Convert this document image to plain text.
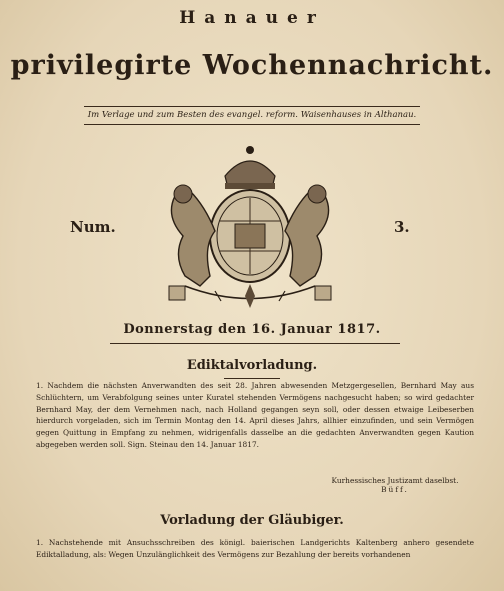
Hanauer
privilegirte Wochennachricht.
Im Verlage und zum Besten des evangel. reform. Waisenhauses in Althanau.
Num.	3.
Donnerstag den 16. Januar 1817.
Ediktalvorladung.

1. Nachdem die nächsten Anverwandten des seit 28. Jahren abwesenden Metzgergesellen, Bernhard May aus Schlüchtern, um Verabfolgung seines unter Kuratel stehenden Vermögens nachgesucht haben; so wird gedachter Bernhard May, der dem Vernehmen nach, nach Holland gegangen seyn soll, oder dessen etwaige Leibeserben hierdurch vorgeladen, sich im Termin Montag den 14. April dieses Jahrs, allhier einzufinden, und sein Vermögen gegen Quittung in Empfang zu nehmen, widrigenfalls dasselbe an die gedachten Anverwandten gegen Kaution abgegeben werden soll. Sign. Steinau den 14. Januar 1817.

Kurhessisches Justizamt daselbst.
Büff.
Vorladung der Gläubiger.

1. Nachstehende mit Ansuchsschreiben des königl. baierischen Landgerichts Kaltenberg anhero gesendete Ediktalladung, als: Wegen Unzulänglichkeit des Vermögens zur Bezahlung der bereits vorhandenen
